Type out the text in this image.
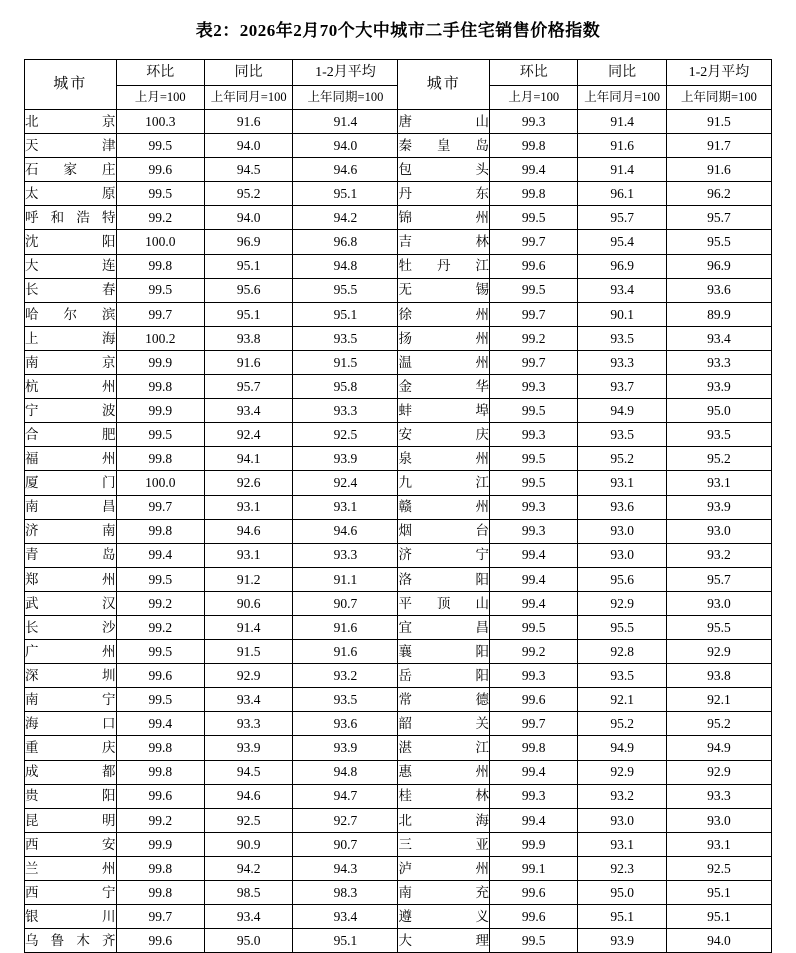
表2：2026年2月70个大中城市二手住宅销售价格指数
城市	环比	同比	1-2月平均	城市	环比	同比	1-2月平均
	上月=100	上年同月=100	上年同期=100		上月=100	上年同月=100	上年同期=100
北京	100.3	91.6	91.4	唐山	99.3	91.4	91.5
天津	99.5	94.0	94.0	秦皇岛	99.8	91.6	91.7
石家庄	99.6	94.5	94.6	包头	99.4	91.4	91.6
太原	99.5	95.2	95.1	丹东	99.8	96.1	96.2
呼和浩特	99.2	94.0	94.2	锦州	99.5	95.7	95.7
沈阳	100.0	96.9	96.8	吉林	99.7	95.4	95.5
大连	99.8	95.1	94.8	牡丹江	99.6	96.9	96.9
长春	99.5	95.6	95.5	无锡	99.5	93.4	93.6
哈尔滨	99.7	95.1	95.1	徐州	99.7	90.1	89.9
上海	100.2	93.8	93.5	扬州	99.2	93.5	93.4
南京	99.9	91.6	91.5	温州	99.7	93.3	93.3
杭州	99.8	95.7	95.8	金华	99.3	93.7	93.9
宁波	99.9	93.4	93.3	蚌埠	99.5	94.9	95.0
合肥	99.5	92.4	92.5	安庆	99.3	93.5	93.5
福州	99.8	94.1	93.9	泉州	99.5	95.2	95.2
厦门	100.0	92.6	92.4	九江	99.5	93.1	93.1
南昌	99.7	93.1	93.1	赣州	99.3	93.6	93.9
济南	99.8	94.6	94.6	烟台	99.3	93.0	93.0
青岛	99.4	93.1	93.3	济宁	99.4	93.0	93.2
郑州	99.5	91.2	91.1	洛阳	99.4	95.6	95.7
武汉	99.2	90.6	90.7	平顶山	99.4	92.9	93.0
长沙	99.2	91.4	91.6	宜昌	99.5	95.5	95.5
广州	99.5	91.5	91.6	襄阳	99.2	92.8	92.9
深圳	99.6	92.9	93.2	岳阳	99.3	93.5	93.8
南宁	99.5	93.4	93.5	常德	99.6	92.1	92.1
海口	99.4	93.3	93.6	韶关	99.7	95.2	95.2
重庆	99.8	93.9	93.9	湛江	99.8	94.9	94.9
成都	99.8	94.5	94.8	惠州	99.4	92.9	92.9
贵阳	99.6	94.6	94.7	桂林	99.3	93.2	93.3
昆明	99.2	92.5	92.7	北海	99.4	93.0	93.0
西安	99.9	90.9	90.7	三亚	99.9	93.1	93.1
兰州	99.8	94.2	94.3	泸州	99.1	92.3	92.5
西宁	99.8	98.5	98.3	南充	99.6	95.0	95.1
银川	99.7	93.4	93.4	遵义	99.6	95.1	95.1
乌鲁木齐	99.6	95.0	95.1	大理	99.5	93.9	94.0
